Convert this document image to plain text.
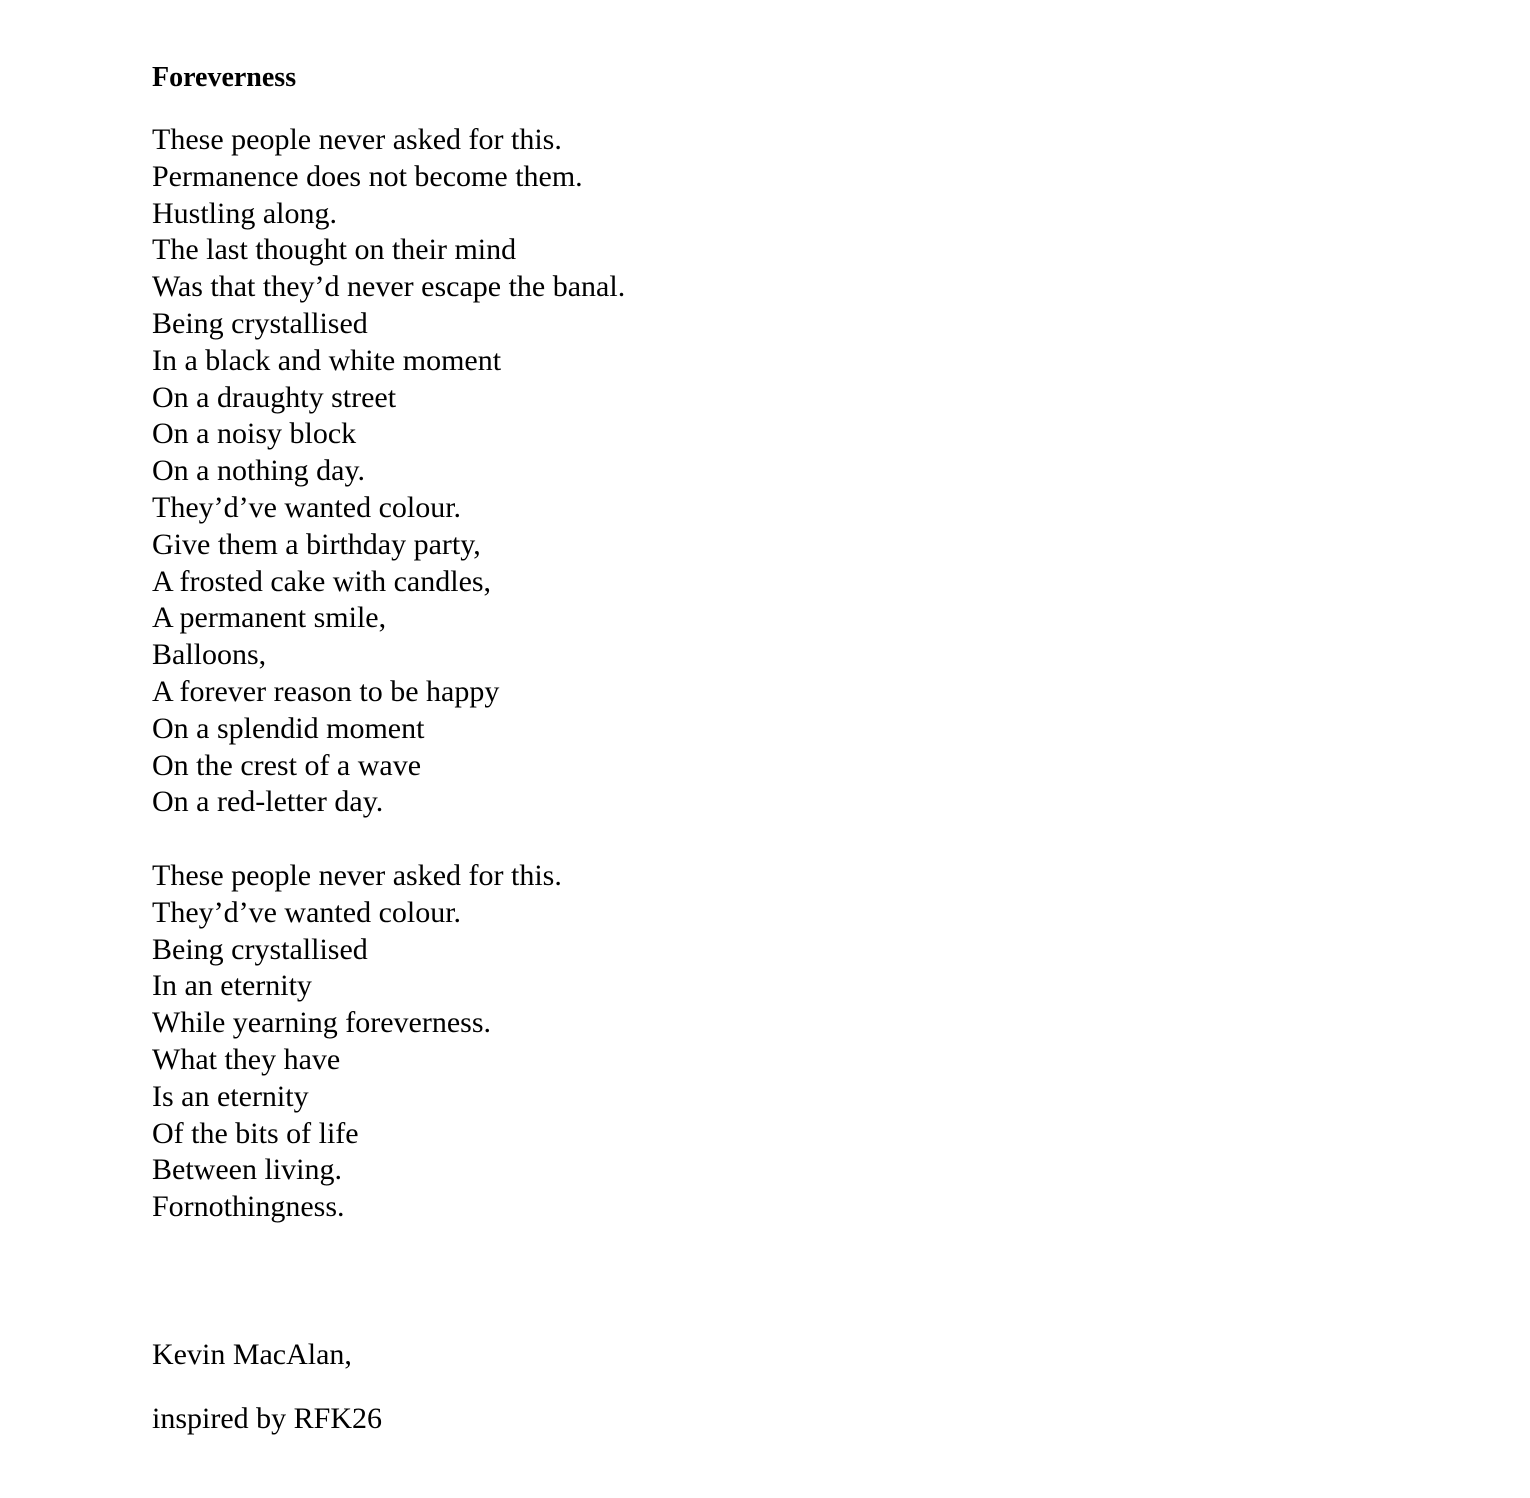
Foreverness
These people never asked for this.
Permanence does not become them.
Hustling along.
The last thought on their mind
Was that they’d never escape the banal.
Being crystallised
In a black and white moment
On a draughty street
On a noisy block
On a nothing day.
They’d’ve wanted colour.
Give them a birthday party,
A frosted cake with candles,
A permanent smile,
Balloons,
A forever reason to be happy
On a splendid moment
On the crest of a wave
On a red-letter day.
These people never asked for this.
They’d’ve wanted colour.
Being crystallised
In an eternity
While yearning foreverness.
What they have
Is an eternity
Of the bits of life
Between living.
Fornothingness.
Kevin MacAlan,
inspired by RFK26
